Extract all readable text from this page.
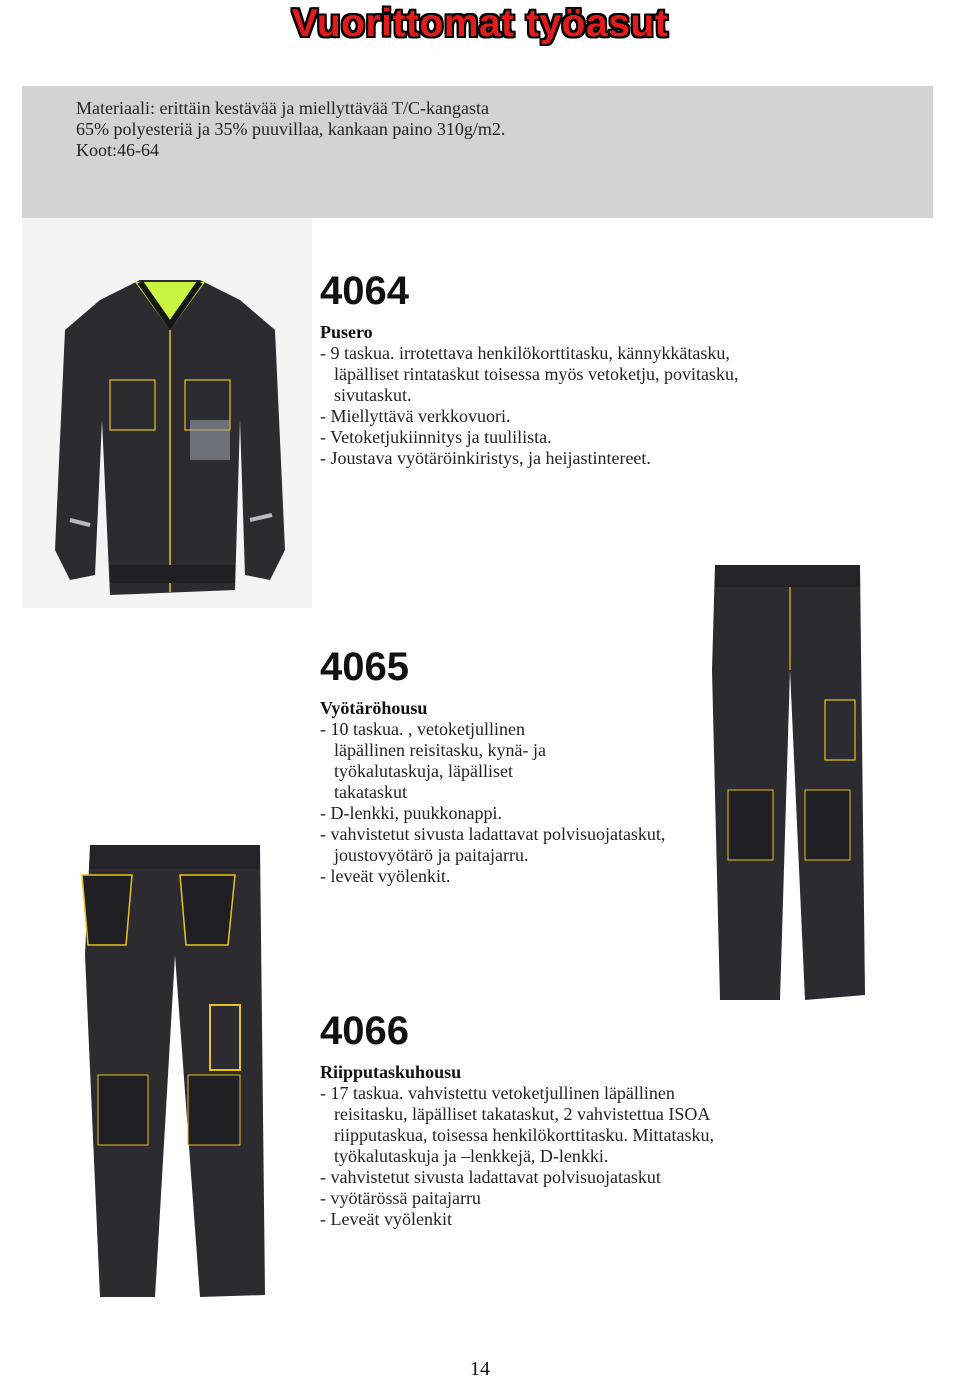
Vuorittomat työasut
Materiaali: erittäin kestävää ja miellyttävää T/C-kangasta
65% polyesteriä ja 35% puuvillaa, kankaan paino 310g/m2.
Koot:46-64
4064
Pusero
- 9 taskua. irrotettava henkilökorttitasku, kännykkätasku,
läpälliset rintataskut toisessa myös vetoketju, povitasku,
sivutaskut.
- Miellyttävä verkkovuori.
- Vetoketjukiinnitys ja tuulilista.
- Joustava vyötäröinkiristys, ja heijastintereet.
4065
Vyötäröhousu
- 10 taskua. , vetoketjullinen
läpällinen reisitasku, kynä- ja
työkalutaskuja, läpälliset
takataskut
- D-lenkki, puukkonappi.
- vahvistetut sivusta ladattavat polvisuojataskut,
joustovyötärö ja paitajarru.
- leveät vyölenkit.
4066
Riipputaskuhousu
- 17 taskua. vahvistettu vetoketjullinen läpällinen
reisitasku, läpälliset takataskut, 2 vahvistettua ISOA
riipputaskua, toisessa henkilökorttitasku. Mittatasku,
työkalutaskuja ja –lenkkejä, D-lenkki.
- vahvistetut sivusta ladattavat polvisuojataskut
- vyötärössä paitajarru
- Leveät vyölenkit
14
